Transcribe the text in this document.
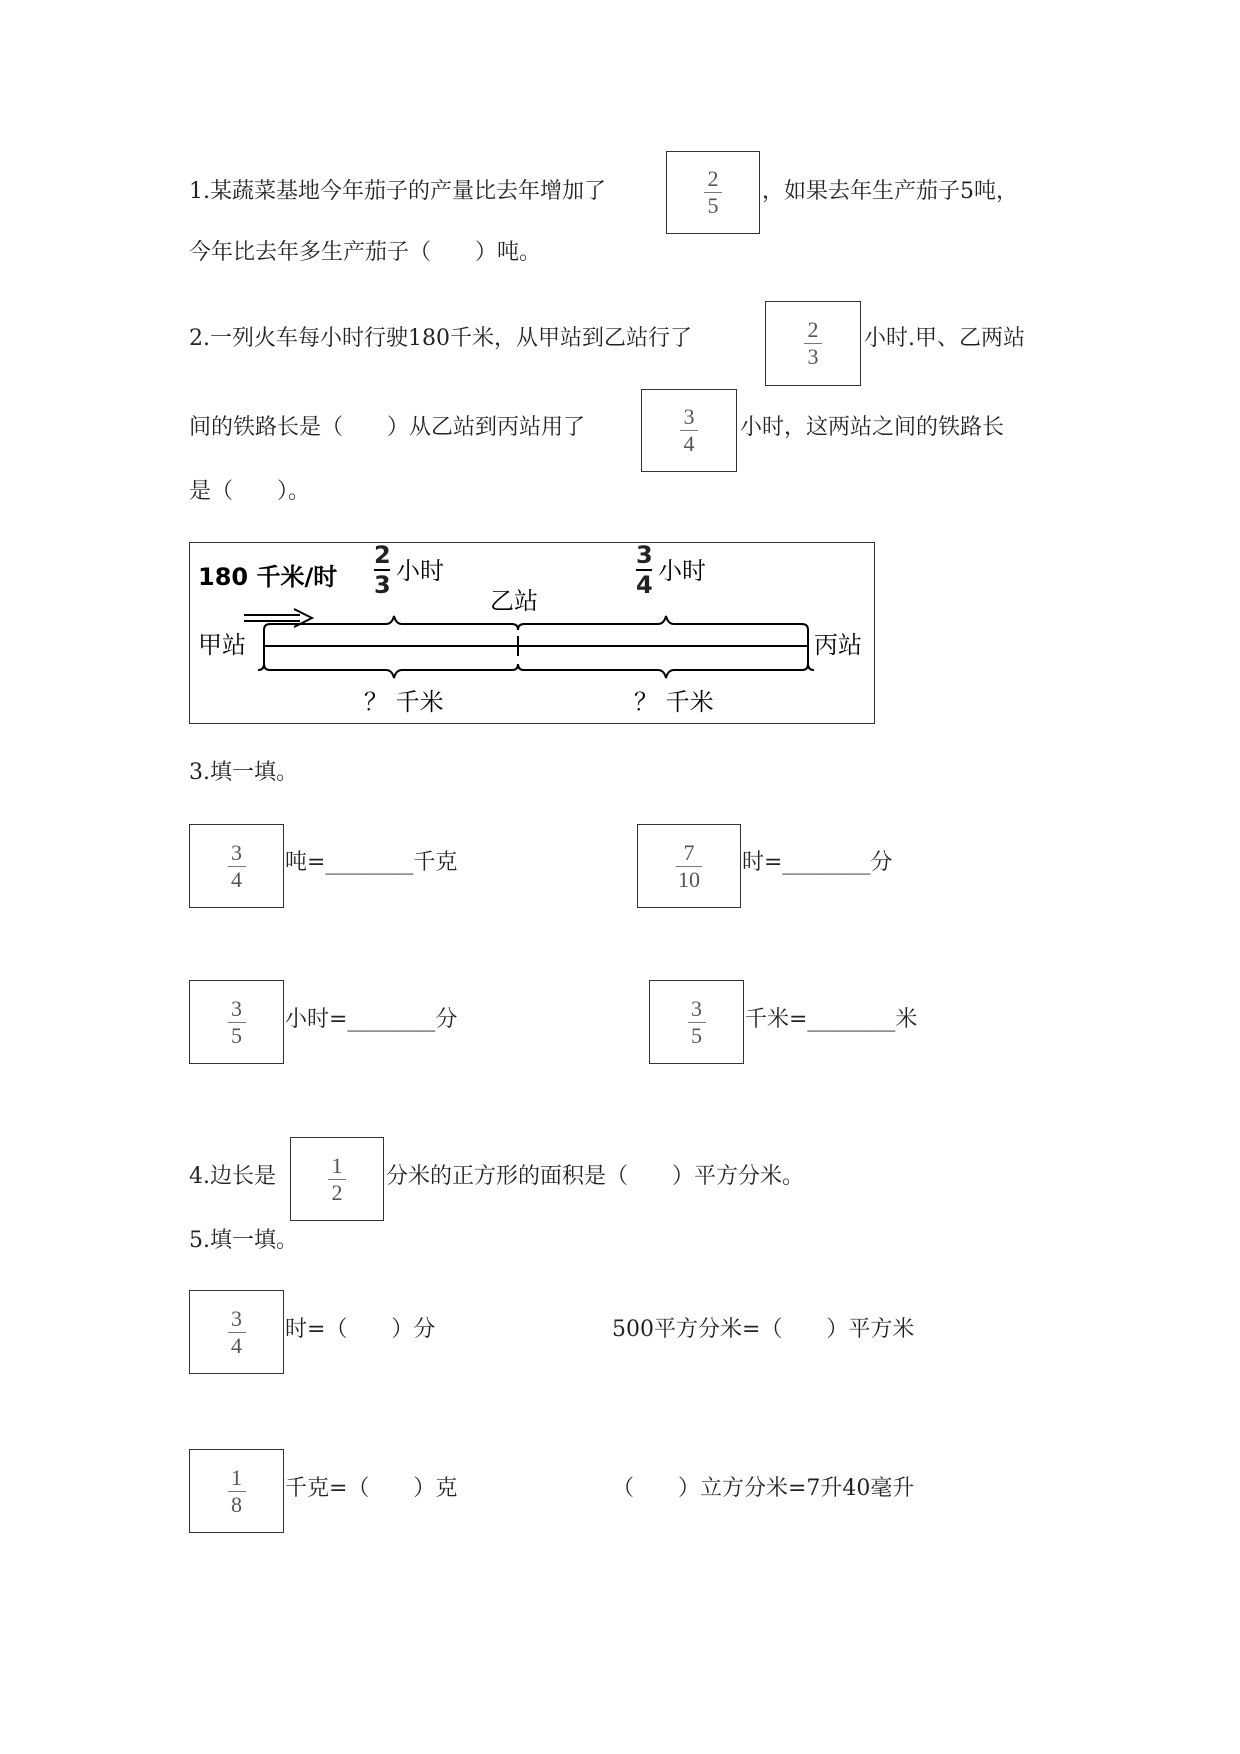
1.某蔬菜基地今年茄子的产量比去年增加了	$\frac{2}{5}$ ，如果去年生产茄子5吨，
今年比去年多生产茄子（　　）吨。
2.一列火车每小时行驶180千米，从甲站到乙站行了	$\frac{2}{3}$ 小时.甲、乙两站
间的铁路长是（　　）从乙站到丙站用了	$\frac{3}{4}$ 小时，这两站之间的铁路长
是（　　）。
180 千米/时
2
3 小时
3
4 小时
乙站
甲站	丙站
？ 千米	？ 千米
3.填一填。
$\frac{3}{4}$ 吨=________千克	$\frac{7}{10}$ 时=________分
$\frac{3}{5}$ 小时=________分	$\frac{3}{5}$ 千米=________米
4.边长是 $\frac{1}{2}$ 分米的正方形的面积是（　　）平方分米。
5.填一填。
$\frac{3}{4}$ 时=（　　）分	500平方分米=（　　）平方米
$\frac{1}{8}$ 千克=（　　）克	（　　）立方分米=7升40毫升
